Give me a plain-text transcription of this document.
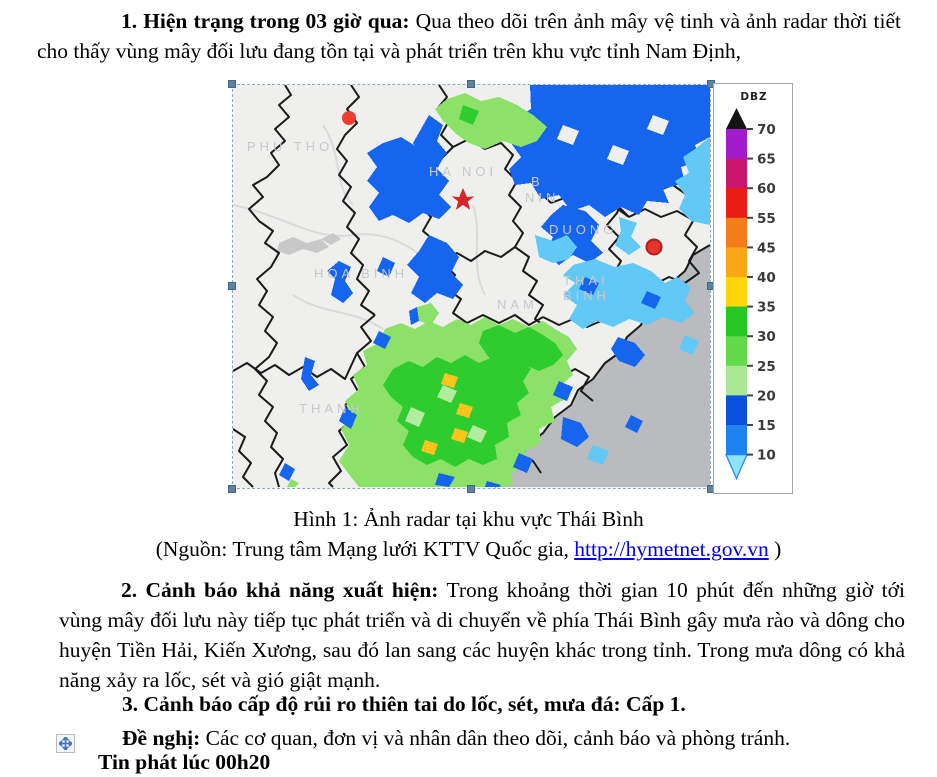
1. Hiện trạng trong 03 giờ qua: Qua theo dõi trên ảnh mây vệ tinh và ảnh radar thời tiết cho thấy vùng mây đối lưu đang tồn tại và phát triển trên khu vực tỉnh Nam Định,
PHU THO
HA NOI
B
NIN
DUONG
HOA BINH
NAM
THAI
BINH
THANH
DBZ
70
65
60
55
45
40
35
30
25
20
15
10
Hình 1: Ảnh radar tại khu vực Thái Bình
(Nguồn: Trung tâm Mạng lưới KTTV Quốc gia, http://hymetnet.gov.vn )
2. Cảnh báo khả năng xuất hiện: Trong khoảng thời gian 10 phút đến những giờ tới vùng mây đối lưu này tiếp tục phát triển và di chuyển về phía Thái Bình gây mưa rào và dông cho huyện Tiền Hải, Kiến Xương, sau đó lan sang các huyện khác trong tỉnh. Trong mưa dông có khả năng xảy ra lốc, sét và gió giật mạnh.
3. Cảnh báo cấp độ rủi ro thiên tai do lốc, sét, mưa đá: Cấp 1.
Đề nghị: Các cơ quan, đơn vị và nhân dân theo dõi, cảnh báo và phòng tránh.
Tin phát lúc 00h20
